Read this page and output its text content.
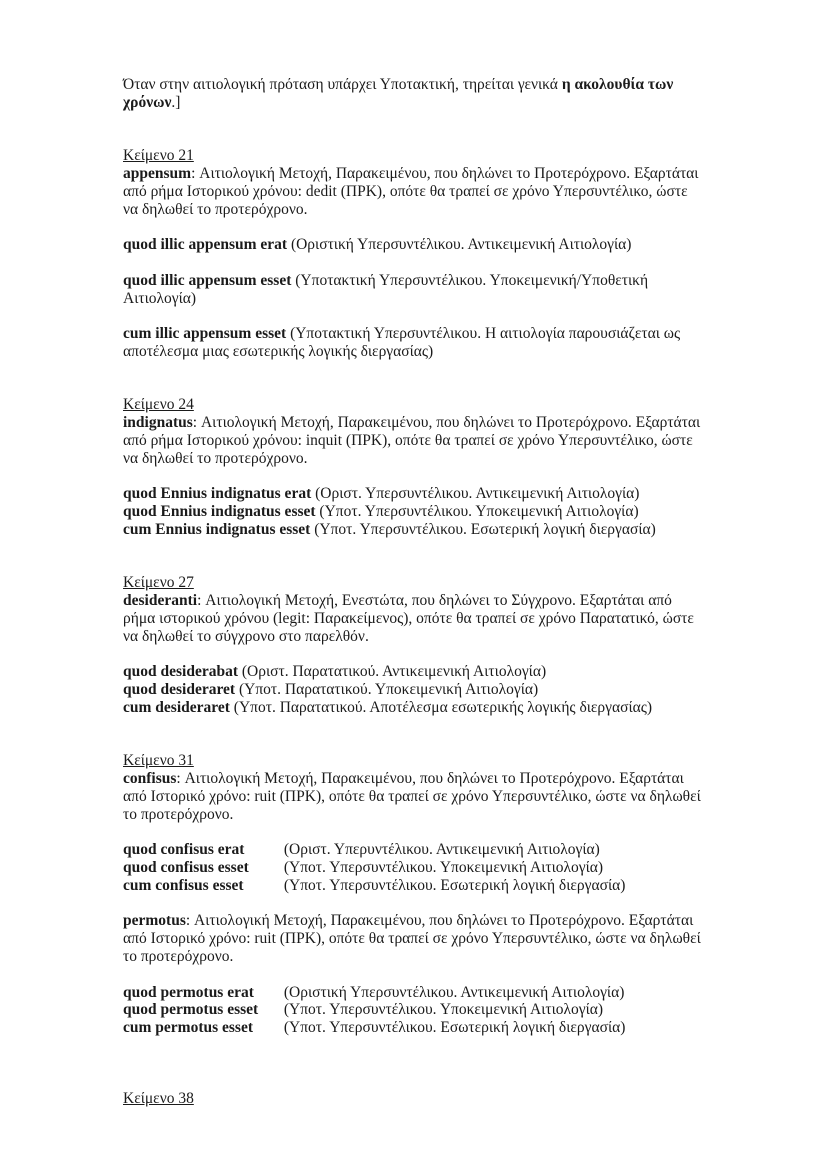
Όταν στην αιτιολογική πρόταση υπάρχει Υποτακτική, τηρείται γενικά η ακολουθία των χρόνων.]
Κείμενο 21
appensum: Αιτιολογική Μετοχή, Παρακειμένου, που δηλώνει το Προτερόχρονο. Εξαρτάται από ρήμα Ιστορικού χρόνου: dedit (ΠΡΚ), οπότε θα τραπεί σε χρόνο Υπερσυντέλικο, ώστε να δηλωθεί το προτερόχρονο.
quod illic appensum erat (Οριστική Υπερσυντέλικου. Αντικειμενική Αιτιολογία)
quod illic appensum esset (Υποτακτική Υπερσυντέλικου. Υποκειμενική/Υποθετική Αιτιολογία)
cum illic appensum esset (Υποτακτική Υπερσυντέλικου. Η αιτιολογία παρουσιάζεται ως αποτέλεσμα μιας εσωτερικής λογικής διεργασίας)
Κείμενο 24
indignatus: Αιτιολογική Μετοχή, Παρακειμένου, που δηλώνει το Προτερόχρονο. Εξαρτάται από ρήμα Ιστορικού χρόνου: inquit (ΠΡΚ), οπότε θα τραπεί σε χρόνο Υπερσυντέλικο, ώστε να δηλωθεί το προτερόχρονο.
quod Ennius indignatus erat (Οριστ. Υπερσυντέλικου. Αντικειμενική Αιτιολογία)
quod Ennius indignatus esset (Υποτ. Υπερσυντέλικου. Υποκειμενική Αιτιολογία)
cum Ennius indignatus esset (Υποτ. Υπερσυντέλικου. Εσωτερική λογική διεργασία)
Κείμενο 27
desideranti: Αιτιολογική Μετοχή, Ενεστώτα, που δηλώνει το Σύγχρονο. Εξαρτάται από ρήμα ιστορικού χρόνου (legit: Παρακείμενος), οπότε θα τραπεί σε χρόνο Παρατατικό, ώστε να δηλωθεί το σύγχρονο στο παρελθόν.
quod desiderabat (Οριστ. Παρατατικού. Αντικειμενική Αιτιολογία)
quod desideraret (Υποτ. Παρατατικού. Υποκειμενική Αιτιολογία)
cum desideraret (Υποτ. Παρατατικού. Αποτέλεσμα εσωτερικής λογικής διεργασίας)
Κείμενο 31
confisus: Αιτιολογική Μετοχή, Παρακειμένου, που δηλώνει το Προτερόχρονο. Εξαρτάται από Ιστορικό χρόνο: ruit (ΠΡΚ), οπότε θα τραπεί σε χρόνο Υπερσυντέλικο, ώστε να δηλωθεί το προτερόχρονο.
quod confisus erat	(Οριστ. Υπερυντέλικου. Αντικειμενική Αιτιολογία)
quod confisus esset (Υποτ. Υπερσυντέλικου. Υποκειμενική Αιτιολογία)
cum confisus esset	(Υποτ. Υπερσυντέλικου. Εσωτερική λογική διεργασία)
permotus: Αιτιολογική Μετοχή, Παρακειμένου, που δηλώνει το Προτερόχρονο. Εξαρτάται από Ιστορικό χρόνο: ruit (ΠΡΚ), οπότε θα τραπεί σε χρόνο Υπερσυντέλικο, ώστε να δηλωθεί το προτερόχρονο.
quod permotus erat (Οριστική Υπερσυντέλικου. Αντικειμενική Αιτιολογία)
quod permotus esset (Υποτ. Υπερσυντέλικου. Υποκειμενική Αιτιολογία)
cum permotus esset (Υποτ. Υπερσυντέλικου. Εσωτερική λογική διεργασία)
Κείμενο 38
